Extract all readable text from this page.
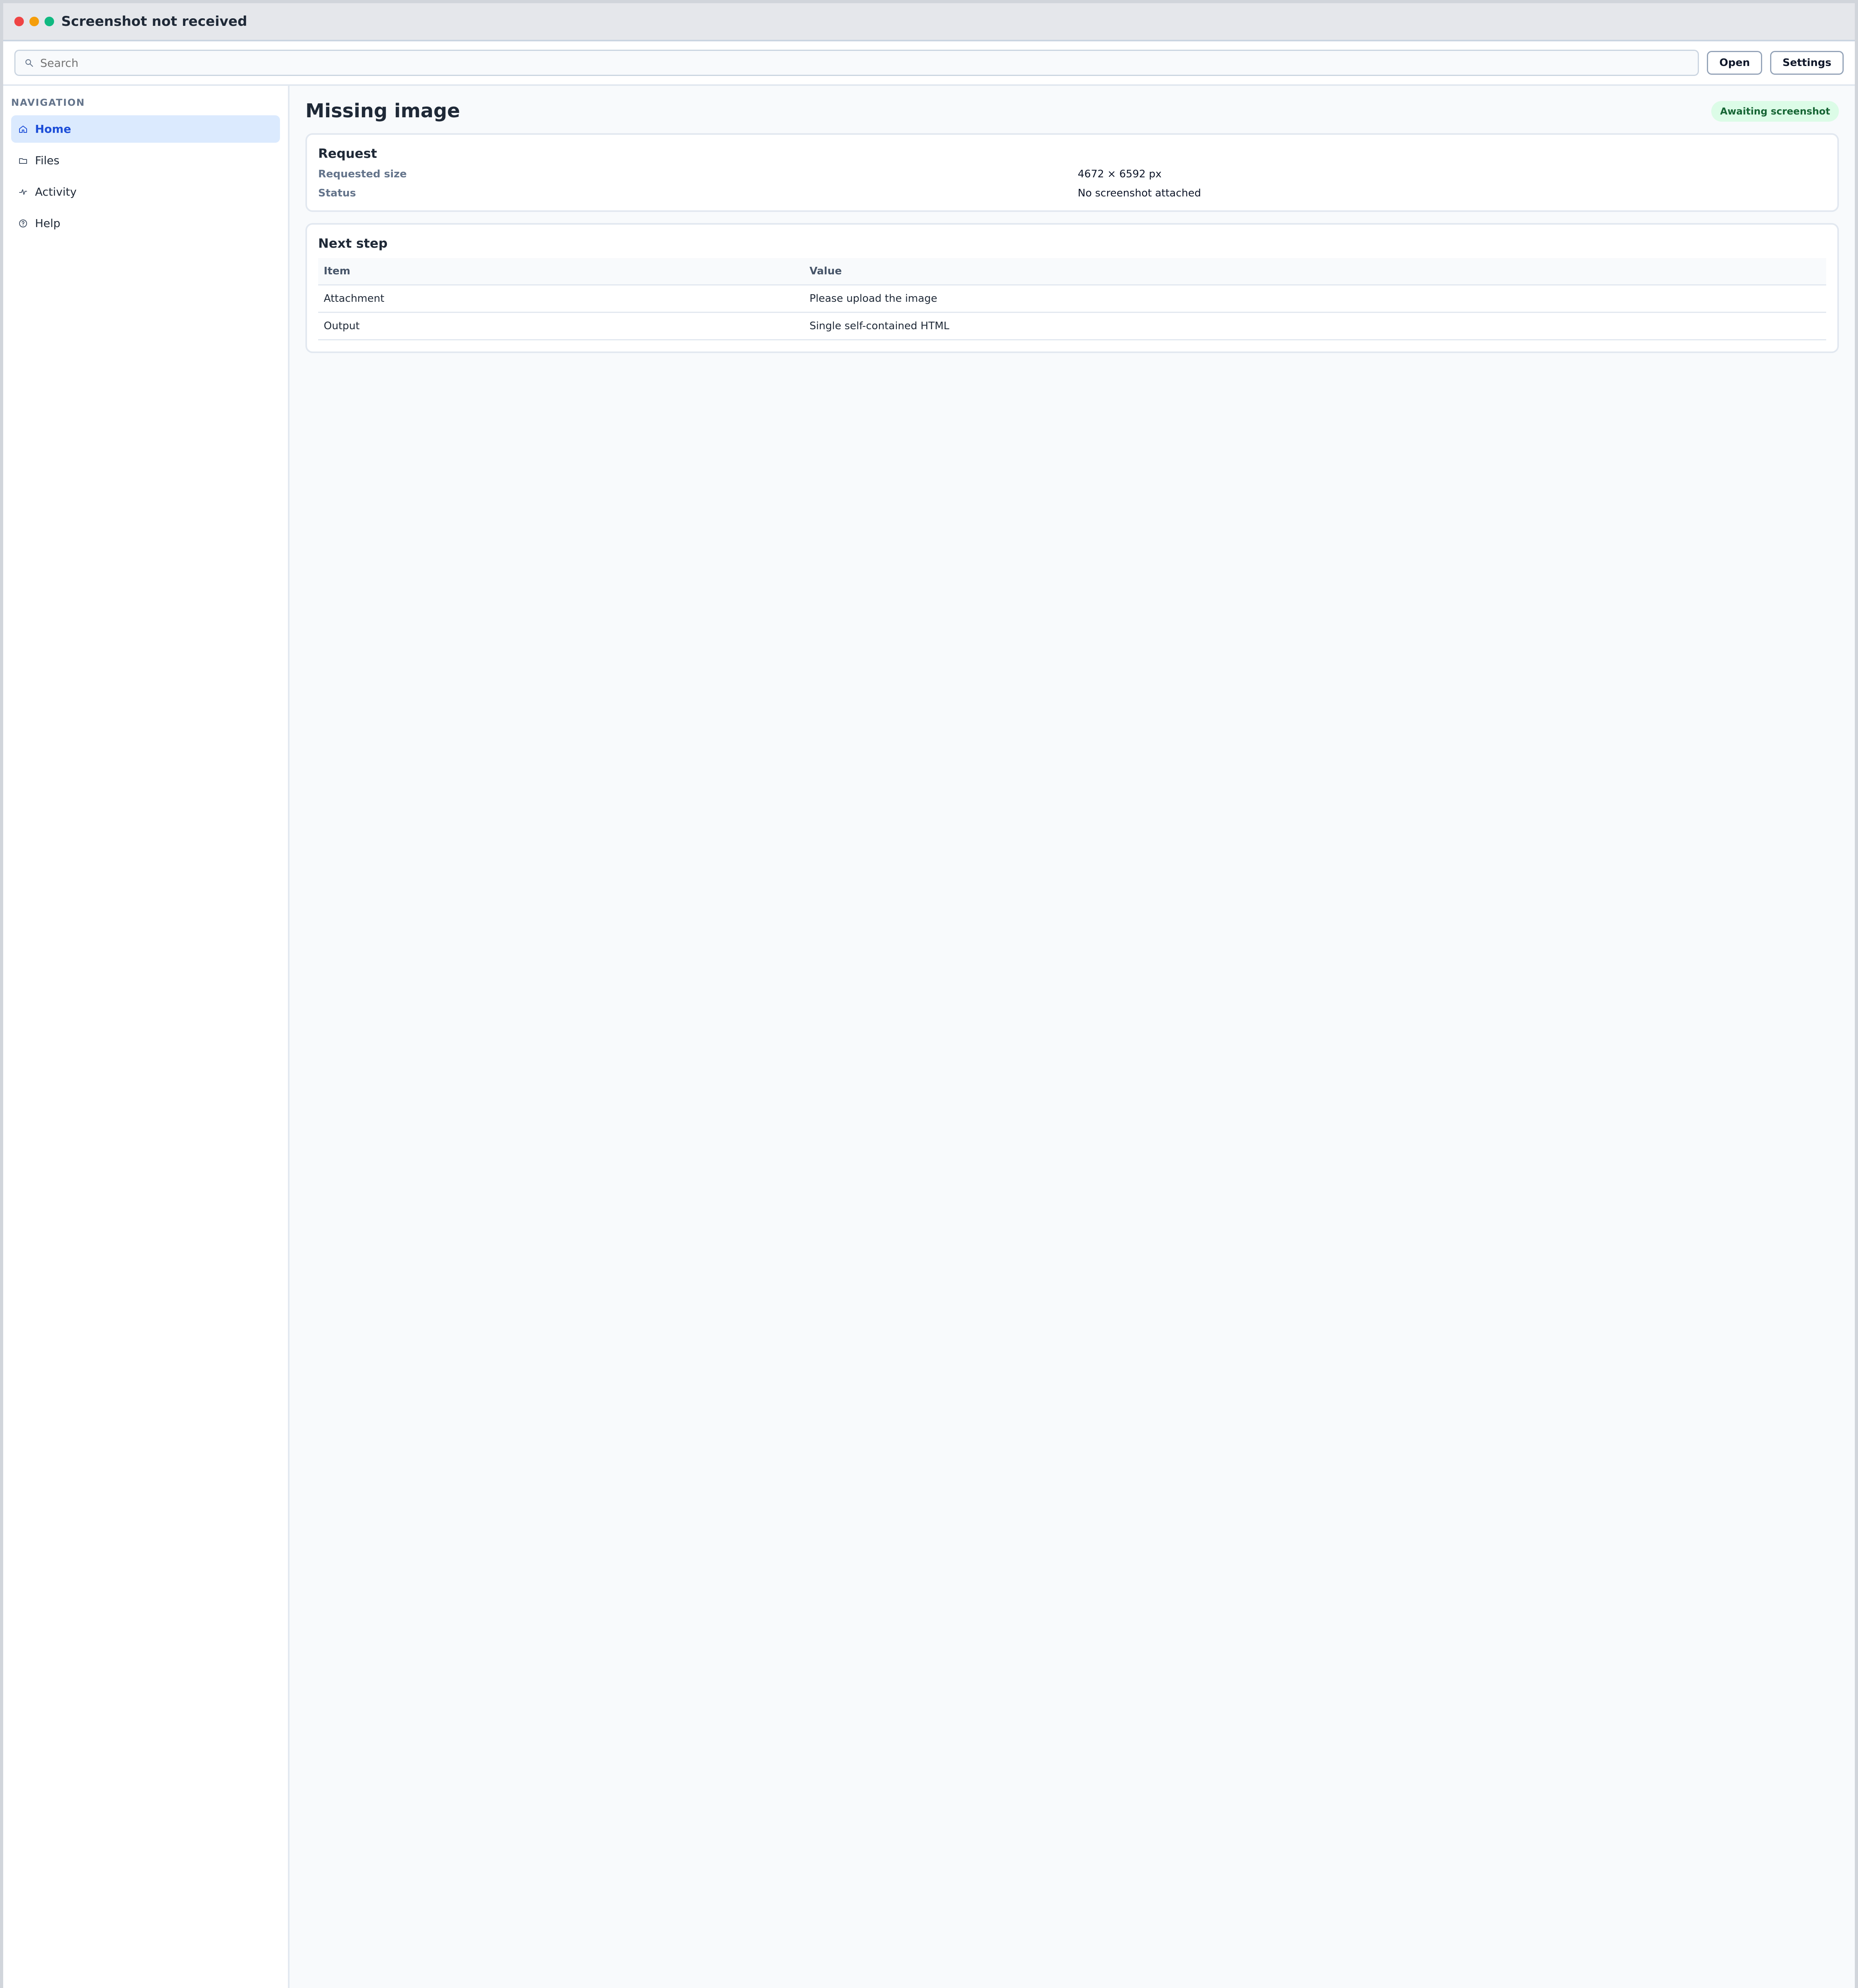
Screenshot not received
Search
Open	Settings
NAVIGATION
Home
Files
Activity
Help
Missing image	Awaiting screenshot
Request
Requested size	4672 × 6592 px
Status	No screenshot attached
Next step
Item	Value
Attachment	Please upload the image
Output	Single self-contained HTML
